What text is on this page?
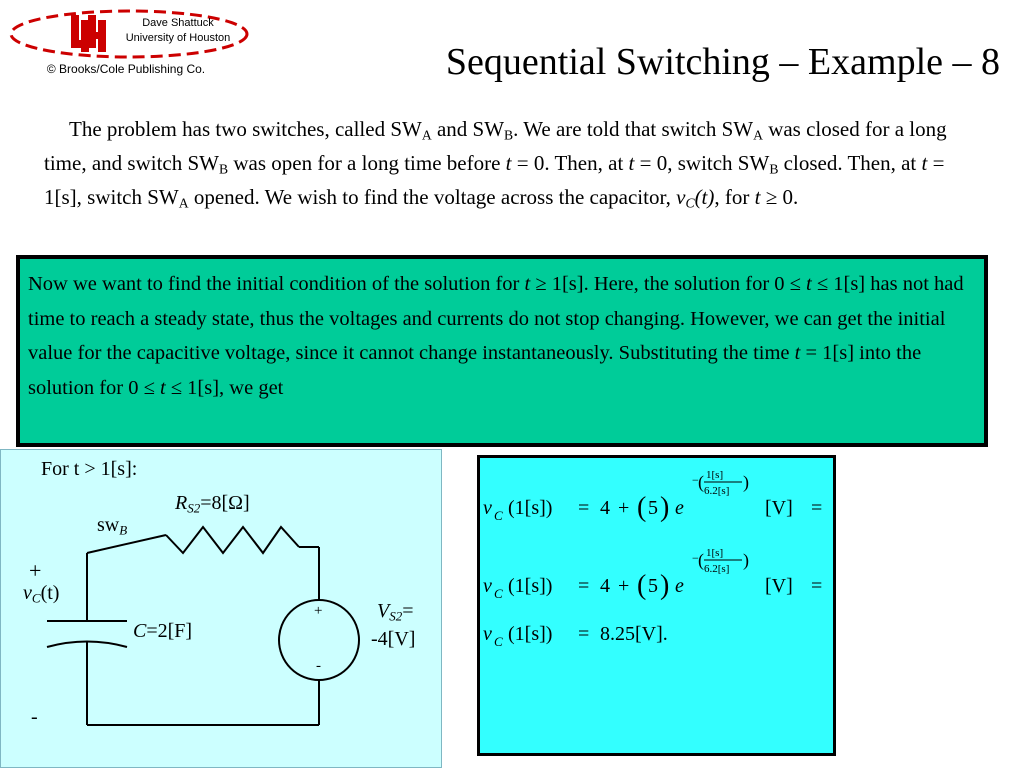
Dave Shattuck
University of Houston
© Brooks/Cole Publishing Co.	Sequential Switching – Example – 8
The problem has two switches, called $SW_A$ and $SW_B$. We are told that switch $SW_A$ was closed for a long time, and switch $SW_B$ was open for a long time before t = 0. Then, at t = 0, switch $SW_B$ closed. Then, at t = 1[s], switch $SW_A$ opened. We wish to find the voltage across the capacitor, $v_C(t)$, for t ≥ 0.
Now we want to find the initial condition of the solution for t ≥ 1[s]. Here, the solution for 0 ≤ t ≤ 1[s] has not had time to reach a steady state, thus the voltages and currents do not stop changing. However, we can get the initial value for the capacitive voltage, since it cannot change instantaneously. Substituting the time t = 1[s] into the solution for 0 ≤ t ≤ 1[s], we get
For t > 1[s]:
$sw_B$
$R_{S2}=8[\Omega]$
+
$v_C(t)$
C=2[F]
-
+
-
$V_{S2}=$
-4[V]
v C (1[s]) = 4 + ( 5 ) e
− ( 1[s]
6.2[s] )
[V] =
v C (1[s]) = 4 + ( 5 ) e
− ( 1[s]
6.2[s] )
[V] =
v C (1[s]) = 8.25[V].
